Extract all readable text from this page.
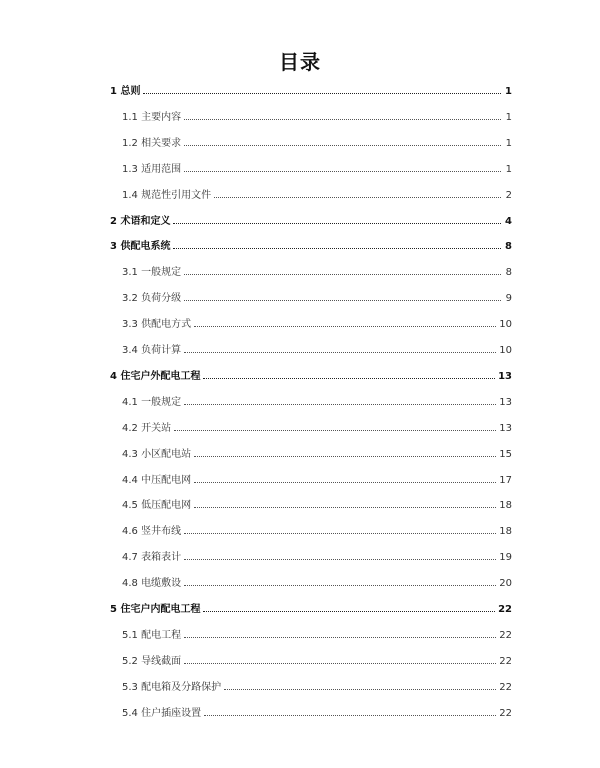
目录
1 总则	1
1.1 主要内容	1
1.2 相关要求	1
1.3 适用范围	1
1.4 规范性引用文件	2
2 术语和定义	4
3 供配电系统	8
3.1 一般规定	8
3.2 负荷分级	9
3.3 供配电方式	10
3.4 负荷计算	10
4 住宅户外配电工程	13
4.1 一般规定	13
4.2 开关站	13
4.3 小区配电站	15
4.4 中压配电网	17
4.5 低压配电网	18
4.6 竖井布线	18
4.7 表箱表计	19
4.8 电缆敷设	20
5 住宅户内配电工程	22
5.1 配电工程	22
5.2 导线截面	22
5.3 配电箱及分路保护	22
5.4 住户插座设置	22
